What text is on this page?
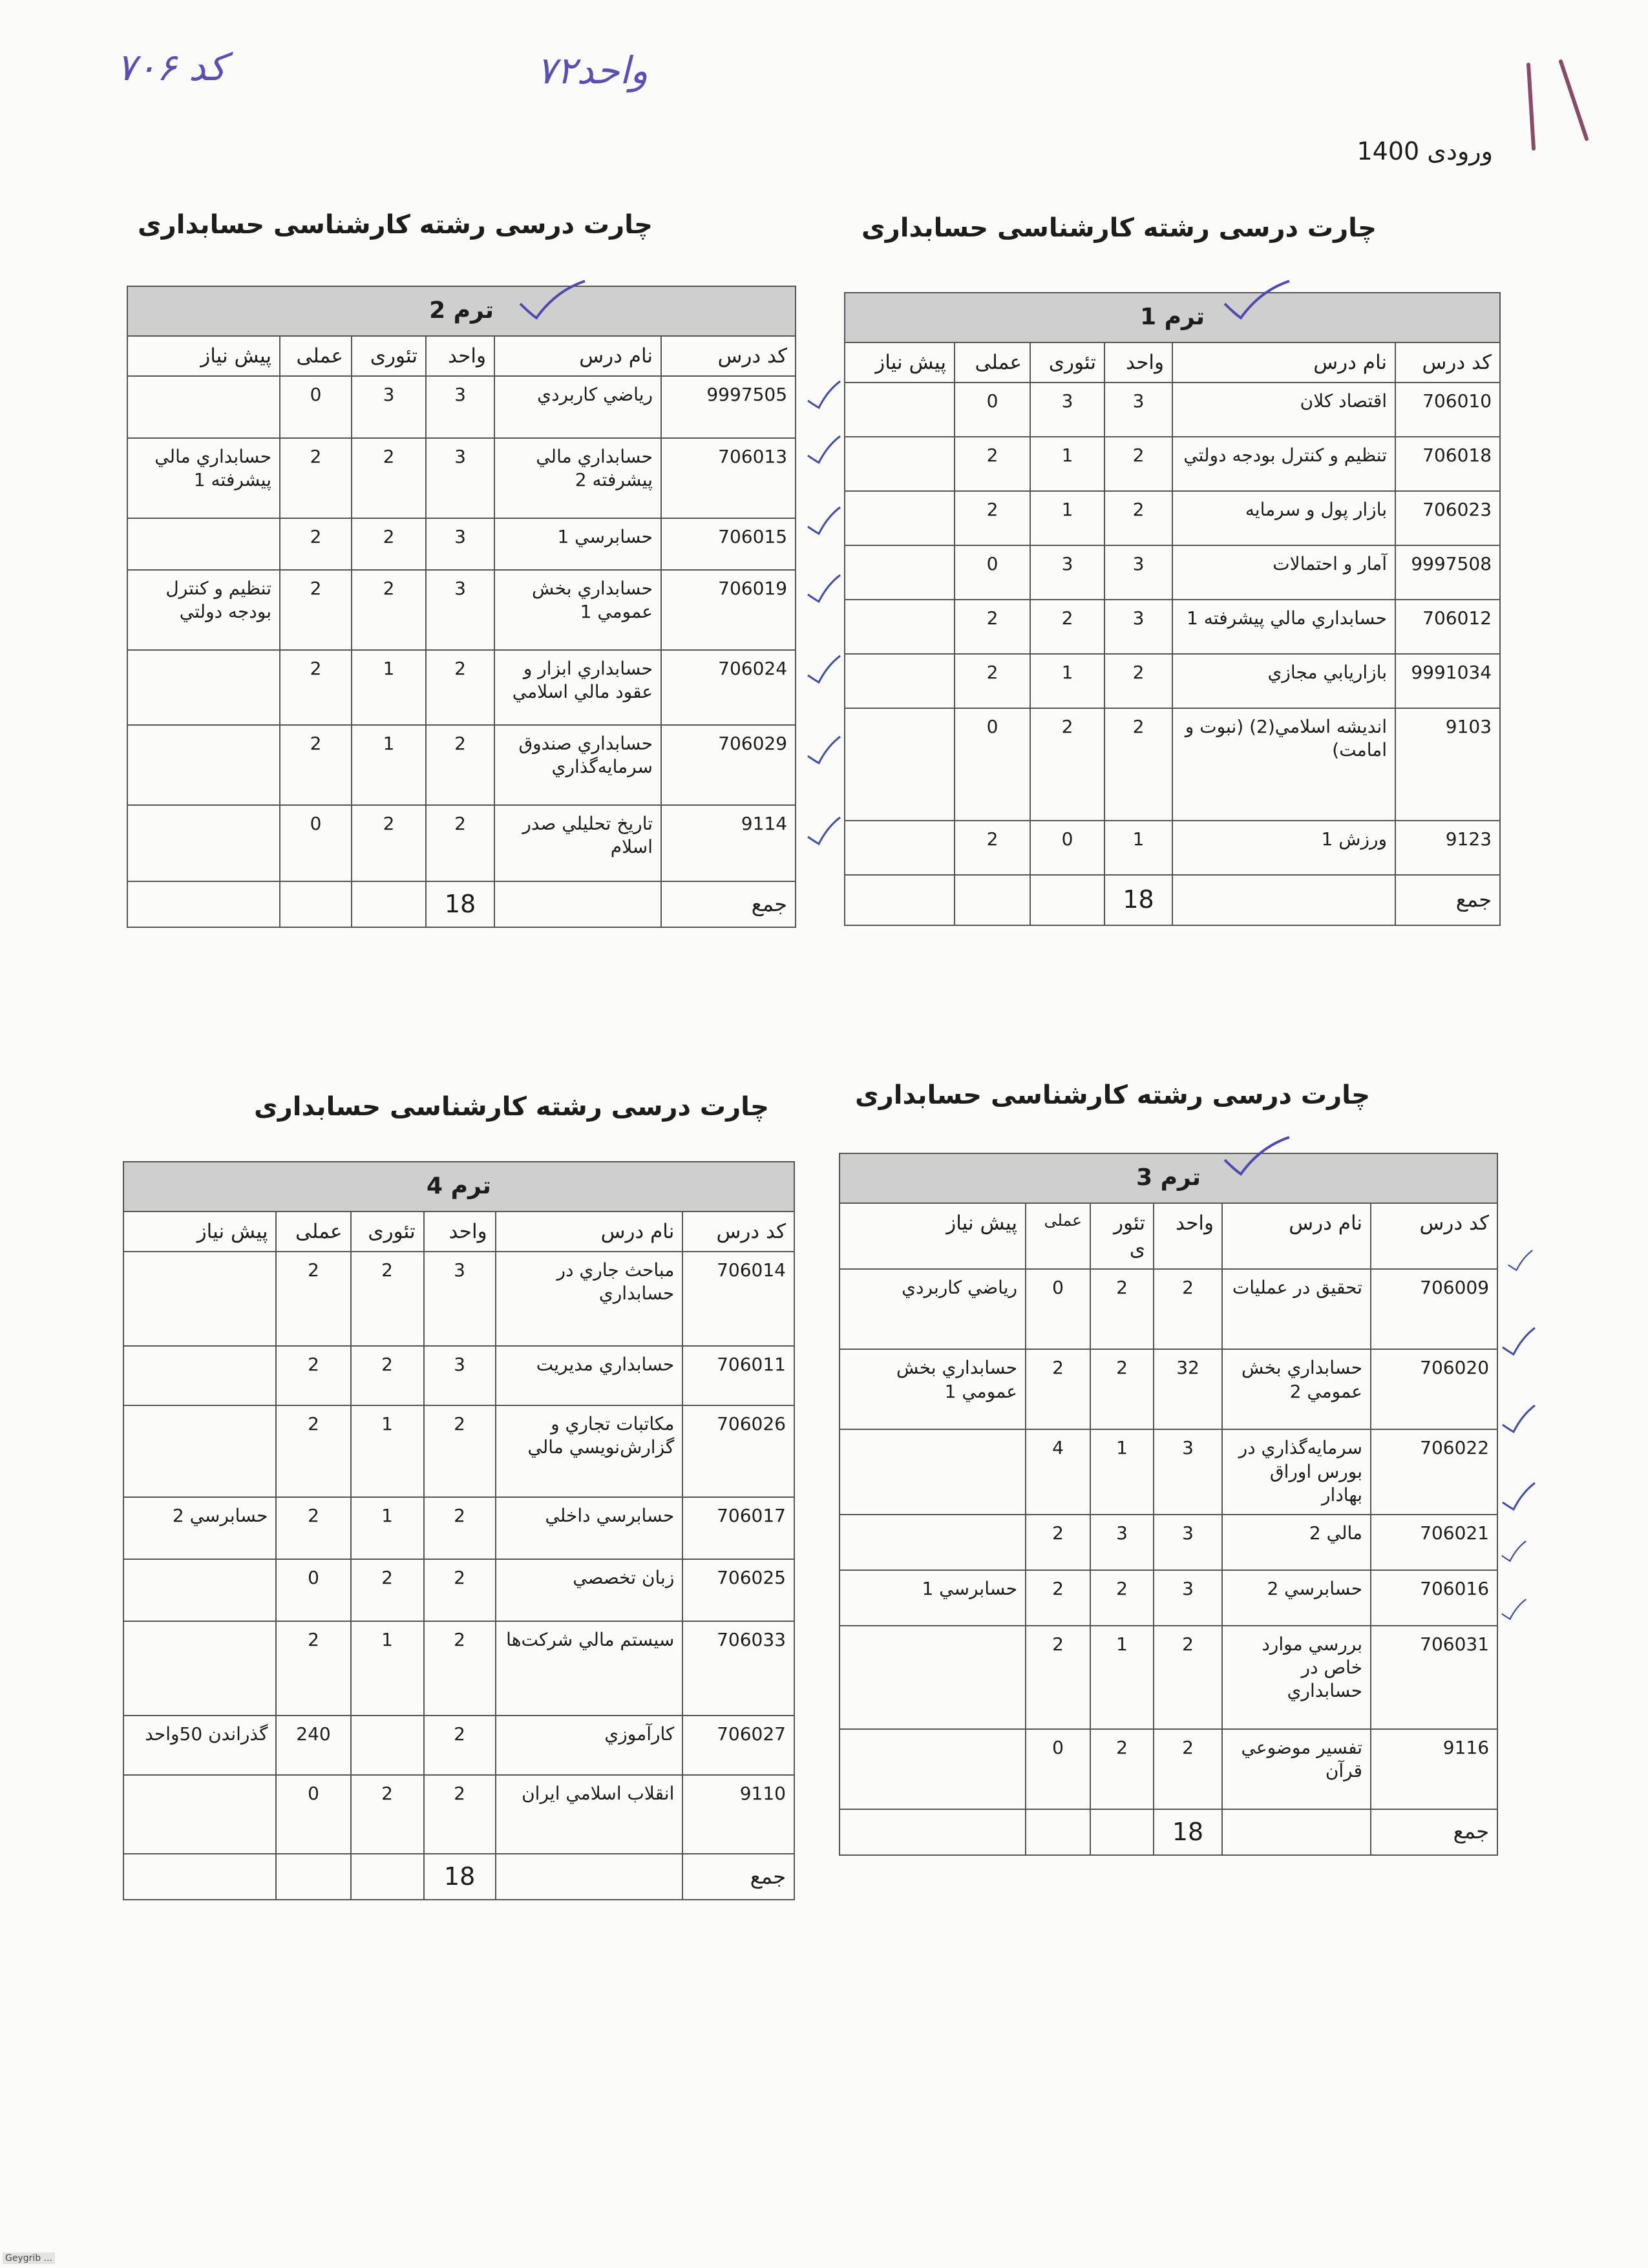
کد ۷۰۶	۷۲واحد
ورودی 1400
چارت درسی رشته کارشناسی حسابداری
چارت درسی رشته کارشناسی حسابداری
چارت درسی رشته کارشناسی حسابداری
چارت درسی رشته کارشناسی حسابداری
ترم 1					
کد درس	نام درس	واحد	تئوری	عملی	پیش نیاز
706010	اقتصاد کلان	3	3	0	
706018	تنظیم و کنترل بودجه دولتي	2	1	2	
706023	بازار پول و سرمایه	2	1	2	
9997508	آمار و احتمالات	3	3	0	
706012	حسابداري مالي پيشرفته 1	3	2	2	
9991034	بازاريابي مجازي	2	1	2	
9103	انديشه اسلامي(2) (نبوت و امامت)	2	2	0	
9123	ورزش 1	1	0	2	
جمع		18			
ترم 2					
کد درس	نام درس	واحد	تئوری	عملی	پیش نیاز
9997505	رياضي كاربردي	3	3	0	
706013	حسابداري مالي پيشرفته 2	3	2	2	حسابداري مالي پيشرفته 1
706015	حسابرسي 1	3	2	2	
706019	حسابداري بخش عمومي 1	3	2	2	تنظيم و كنترل بودجه دولتي
706024	حسابداري ابزار و عقود مالي اسلامي	2	1	2	
706029	حسابداري صندوق سرمايه‌گذاري	2	1	2	
9114	تاريخ تحليلي صدر اسلام	2	2	0	
جمع		18			
ترم 3					
کد درس	نام درس	واحد	تئوری	عملی	پیش نیاز
706009	تحقيق در عمليات	2	2	0	رياضي كاربردي
706020	حسابداري بخش عمومي 2	32	2	2	حسابداري بخش عمومي 1
706022	سرمايه‌گذاري در بورس اوراق بهادار	3	1	4	
706021	مالي 2	3	3	2	
706016	حسابرسي 2	3	2	2	حسابرسي 1
706031	بررسي موارد خاص در حسابداري	2	1	2	
9116	تفسير موضوعي قرآن	2	2	0	
جمع		18			
ترم 4					
کد درس	نام درس	واحد	تئوری	عملی	پیش نیاز
706014	مباحث جاري در حسابداري	3	2	2	
706011	حسابداري مديريت	3	2	2	
706026	مكاتبات تجاري و گزارش‌نويسي مالي	2	1	2	
706017	حسابرسي داخلي	2	1	2	حسابرسي 2
706025	زبان تخصصي	2	2	0	
706033	سيستم مالي شركت‌ها	2	1	2	
706027	كارآموزي	2		240	گذراندن 50واحد
9110	انقلاب اسلامي ايران	2	2	0	
جمع		18			
Geygrib ...
